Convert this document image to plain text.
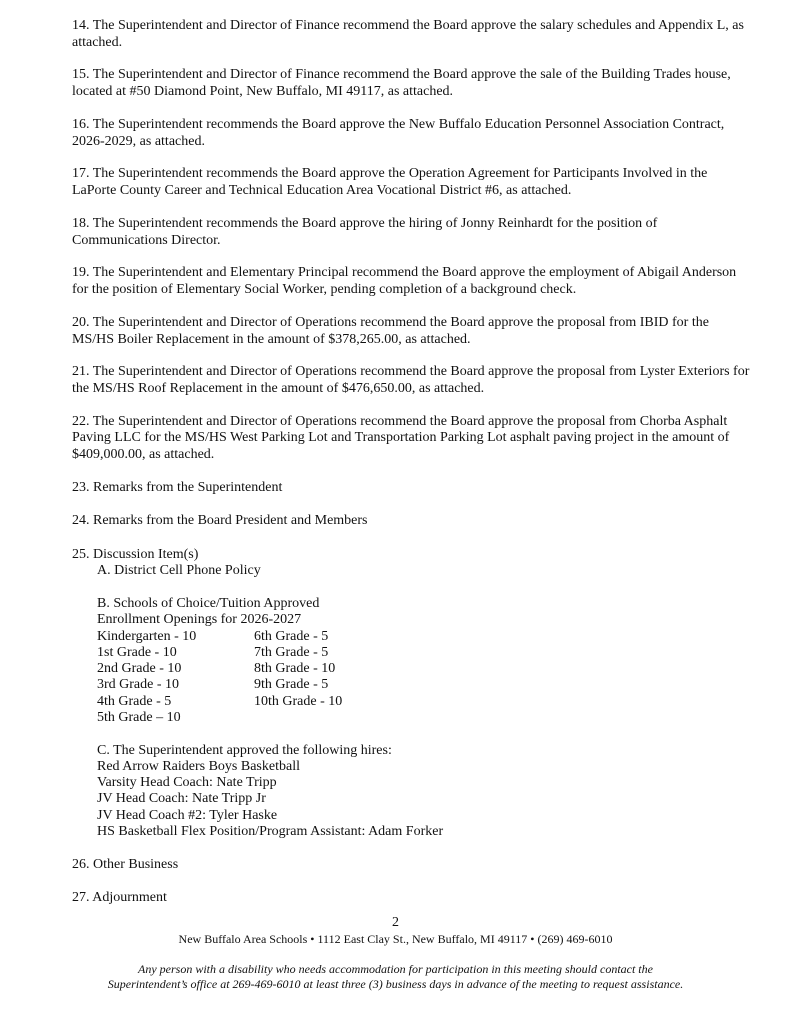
14. The Superintendent and Director of Finance recommend the Board approve the salary schedules and Appendix L, as attached.

15. The Superintendent and Director of Finance recommend the Board approve the sale of the Building Trades house, located at #50 Diamond Point, New Buffalo, MI 49117, as attached.

16. The Superintendent recommends the Board approve the New Buffalo Education Personnel Association Contract, 2026-2029, as attached.

17. The Superintendent recommends the Board approve the Operation Agreement for Participants Involved in the LaPorte County Career and Technical Education Area Vocational District #6, as attached.

18. The Superintendent recommends the Board approve the hiring of Jonny Reinhardt for the position of Communications Director.

19. The Superintendent and Elementary Principal recommend the Board approve the employment of Abigail Anderson for the position of Elementary Social Worker, pending completion of a background check.

20. The Superintendent and Director of Operations recommend the Board approve the proposal from IBID for the MS/HS Boiler Replacement in the amount of $378,265.00, as attached.

21. The Superintendent and Director of Operations recommend the Board approve the proposal from Lyster Exteriors for the MS/HS Roof Replacement in the amount of $476,650.00, as attached.

22. The Superintendent and Director of Operations recommend the Board approve the proposal from Chorba Asphalt Paving LLC for the MS/HS West Parking Lot and Transportation Parking Lot asphalt paving project in the amount of $409,000.00, as attached.

23. Remarks from the Superintendent

24. Remarks from the Board President and Members

25. Discussion Item(s)

A. District Cell Phone Policy

B. Schools of Choice/Tuition Approved

Enrollment Openings for 2026-2027

Kindergarten - 10	6th Grade - 5
1st Grade - 10	7th Grade - 5
2nd Grade - 10	8th Grade - 10
3rd Grade - 10	9th Grade - 5
4th Grade - 5	10th Grade - 10
5th Grade – 10

C. The Superintendent approved the following hires:

Red Arrow Raiders Boys Basketball

Varsity Head Coach: Nate Tripp

JV Head Coach: Nate Tripp Jr

JV Head Coach #2: Tyler Haske

HS Basketball Flex Position/Program Assistant: Adam Forker

26. Other Business

27. Adjournment

2
New Buffalo Area Schools • 1112 East Clay St., New Buffalo, MI 49117 • (269) 469-6010
Any person with a disability who needs accommodation for participation in this meeting should contact the
Superintendent’s office at 269-469-6010 at least three (3) business days in advance of the meeting to request assistance.
